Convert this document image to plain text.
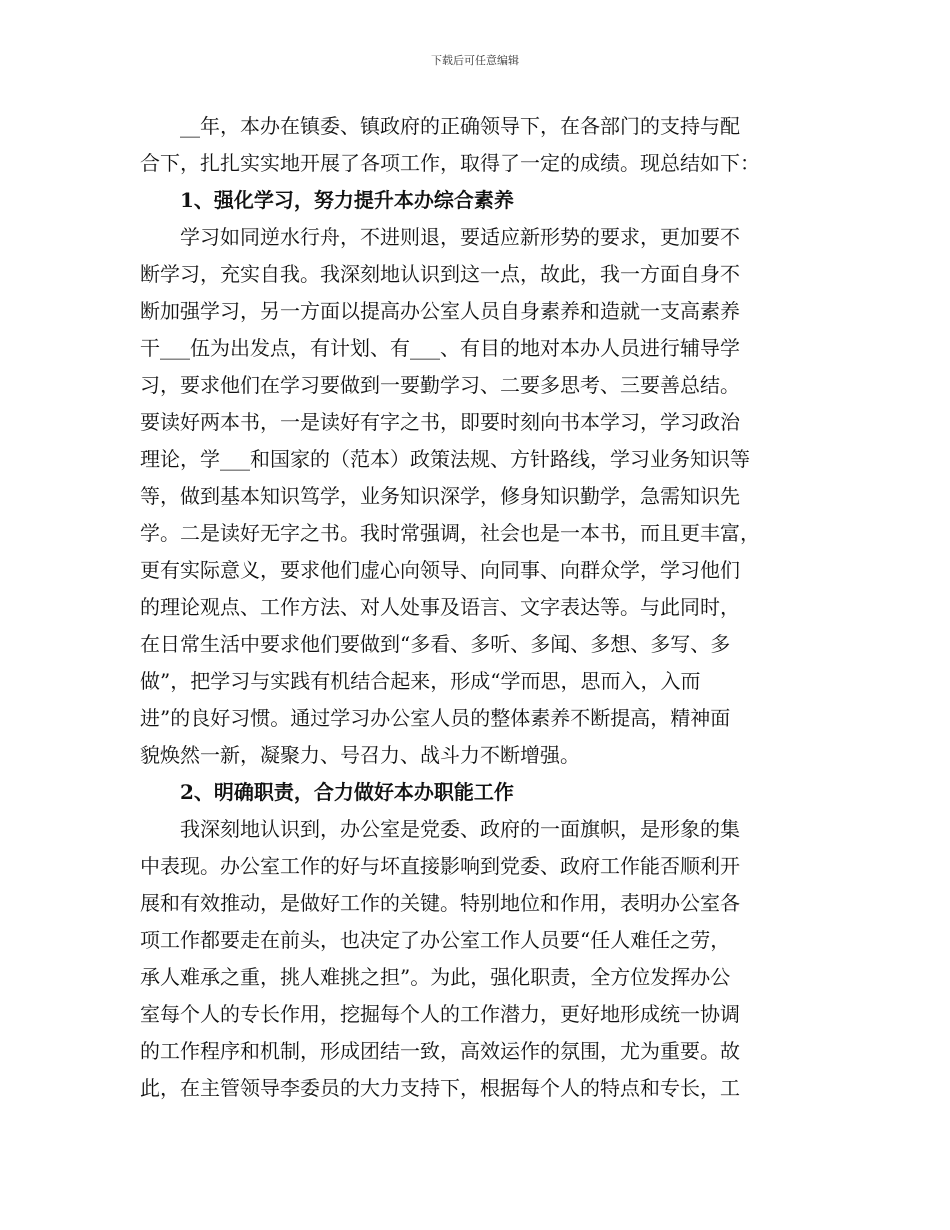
下载后可任意编辑

__年，本办在镇委、镇政府的正确领导下，在各部门的支持与配

合下，扎扎实实地开展了各项工作，取得了一定的成绩。现总结如下：

1、强化学习，努力提升本办综合素养

学习如同逆水行舟，不进则退，要适应新形势的要求，更加要不

断学习，充实自我。我深刻地认识到这一点，故此，我一方面自身不

断加强学习，另一方面以提高办公室人员自身素养和造就一支高素养

干___伍为出发点，有计划、有___、有目的地对本办人员进行辅导学

习，要求他们在学习要做到一要勤学习、二要多思考、三要善总结。

要读好两本书，一是读好有字之书，即要时刻向书本学习，学习政治

理论，学___和国家的（范本）政策法规、方针路线，学习业务知识等

等，做到基本知识笃学，业务知识深学，修身知识勤学，急需知识先

学。二是读好无字之书。我时常强调，社会也是一本书，而且更丰富，

更有实际意义，要求他们虚心向领导、向同事、向群众学，学习他们

的理论观点、工作方法、对人处事及语言、文字表达等。与此同时，

在日常生活中要求他们要做到“多看、多听、多闻、多想、多写、多

做”，把学习与实践有机结合起来，形成“学而思，思而入，入而

进”的良好习惯。通过学习办公室人员的整体素养不断提高，精神面

貌焕然一新，凝聚力、号召力、战斗力不断增强。

2、明确职责，合力做好本办职能工作

我深刻地认识到，办公室是党委、政府的一面旗帜，是形象的集

中表现。办公室工作的好与坏直接影响到党委、政府工作能否顺利开

展和有效推动，是做好工作的关键。特别地位和作用，表明办公室各

项工作都要走在前头，也决定了办公室工作人员要“任人难任之劳，

承人难承之重，挑人难挑之担”。为此，强化职责，全方位发挥办公

室每个人的专长作用，挖掘每个人的工作潜力，更好地形成统一协调

的工作程序和机制，形成团结一致，高效运作的氛围，尤为重要。故

此，在主管领导李委员的大力支持下，根据每个人的特点和专长，工
